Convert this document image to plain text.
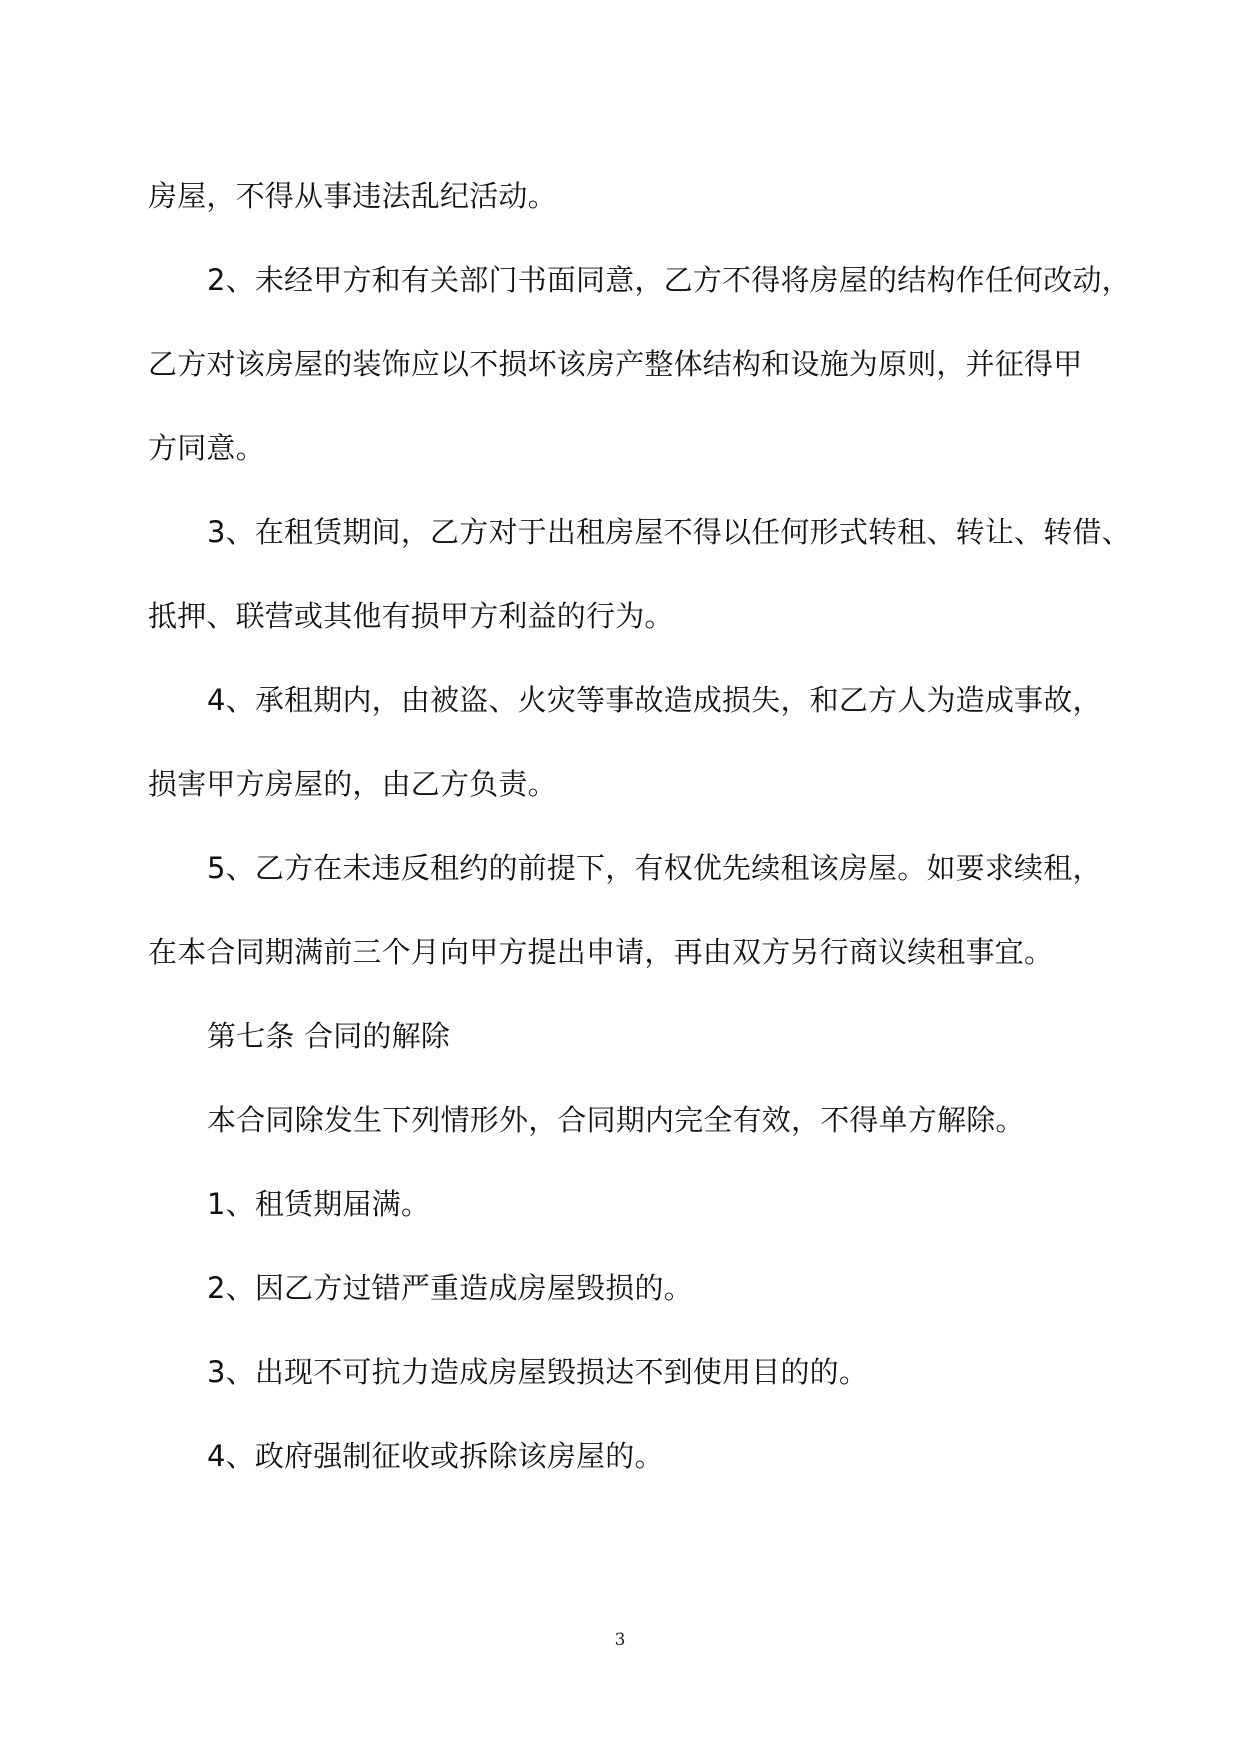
房屋，不得从事违法乱纪活动。
2、未经甲方和有关部门书面同意，乙方不得将房屋的结构作任何改动，
乙方对该房屋的装饰应以不损坏该房产整体结构和设施为原则，并征得甲
方同意。
3、在租赁期间，乙方对于出租房屋不得以任何形式转租、转让、转借、
抵押、联营或其他有损甲方利益的行为。
4、承租期内，由被盗、火灾等事故造成损失，和乙方人为造成事故，
损害甲方房屋的，由乙方负责。
5、乙方在未违反租约的前提下，有权优先续租该房屋。如要求续租，
在本合同期满前三个月向甲方提出申请，再由双方另行商议续租事宜。
第七条 合同的解除
本合同除发生下列情形外，合同期内完全有效，不得单方解除。
1、租赁期届满。
2、因乙方过错严重造成房屋毁损的。
3、出现不可抗力造成房屋毁损达不到使用目的的。
4、政府强制征收或拆除该房屋的。
3
